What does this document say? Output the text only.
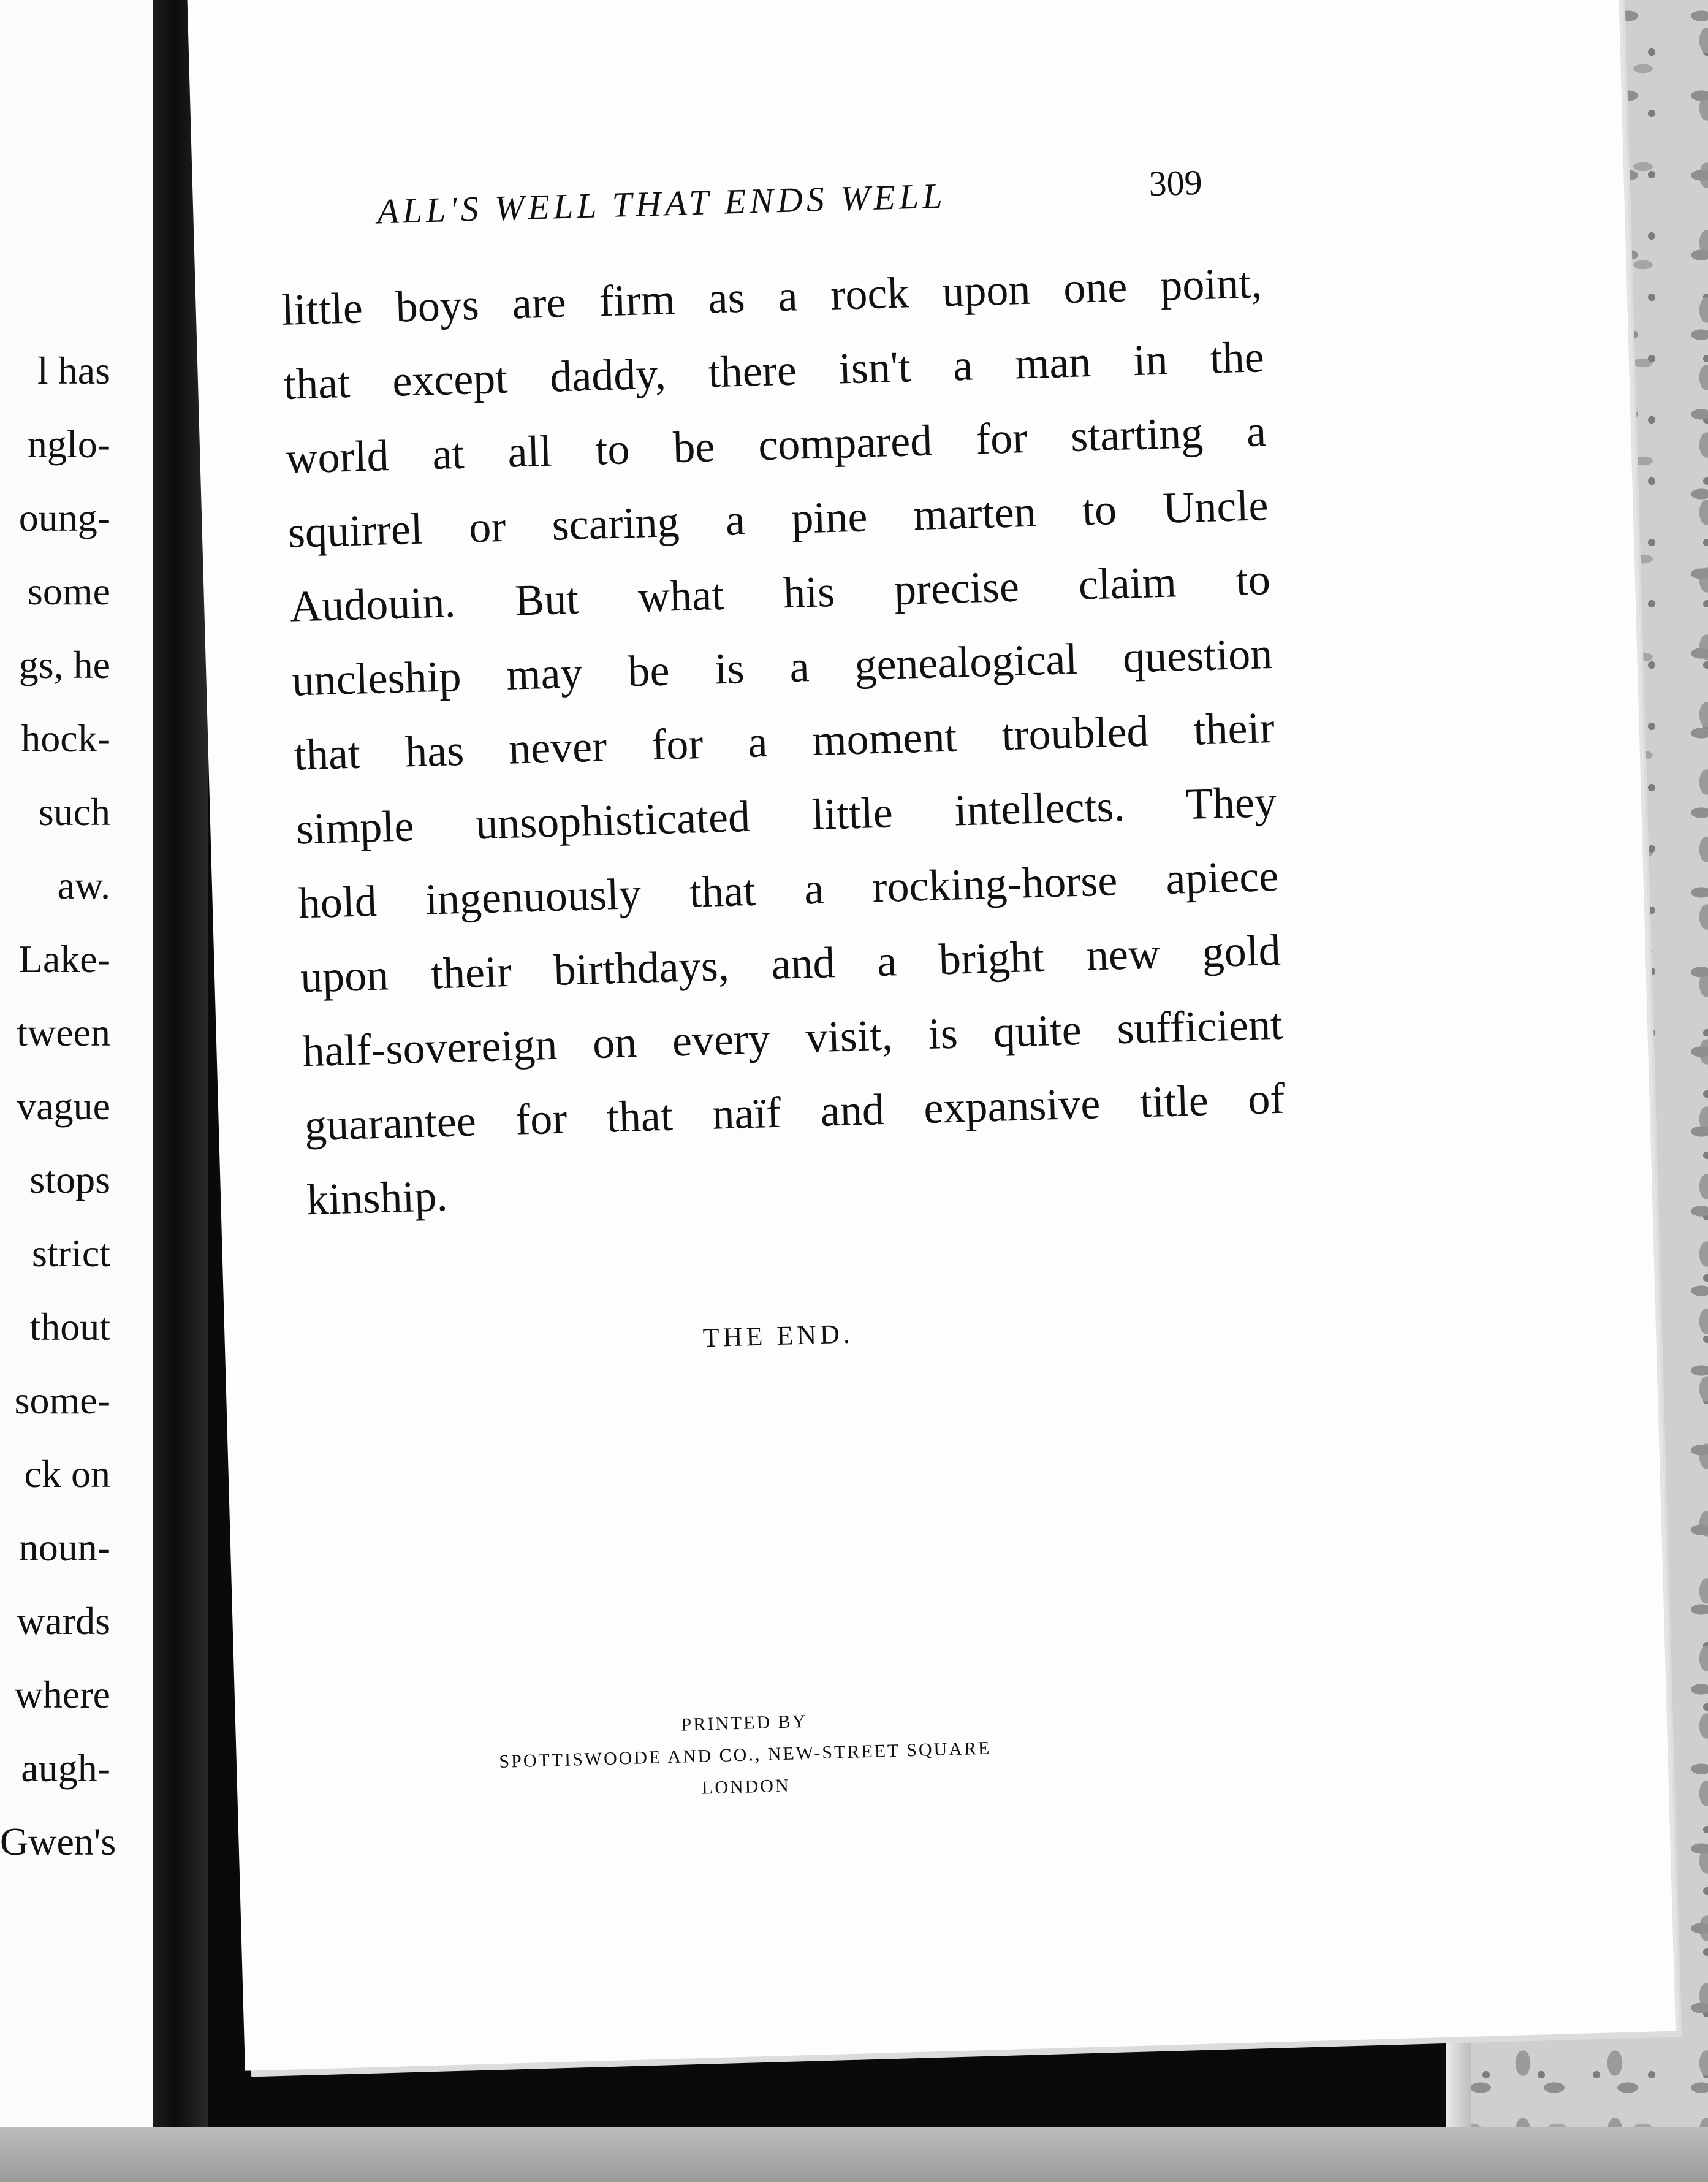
l has
nglo-
oung-
some
gs, he
hock-
such
aw.
Lake-
tween
vague
stops
strict
thout
some-
ck on
noun-
wards
where
augh-
Gwen's
ALL'S WELL THAT ENDS WELL	309
little boys are firm as a rock upon one point,
that except daddy, there isn't a man in the
world at all to be compared for starting a
squirrel or scaring a pine marten to Uncle
Audouin. But what his precise claim to
uncleship may be is a genealogical question
that has never for a moment troubled their
simple unsophisticated little intellects. They
hold ingenuously that a rocking-horse apiece
upon their birthdays, and a bright new gold
half-sovereign on every visit, is quite sufficient
guarantee for that naïf and expansive title of
kinship.
THE END.
PRINTED BY
SPOTTISWOODE AND CO., NEW-STREET SQUARE
LONDON
